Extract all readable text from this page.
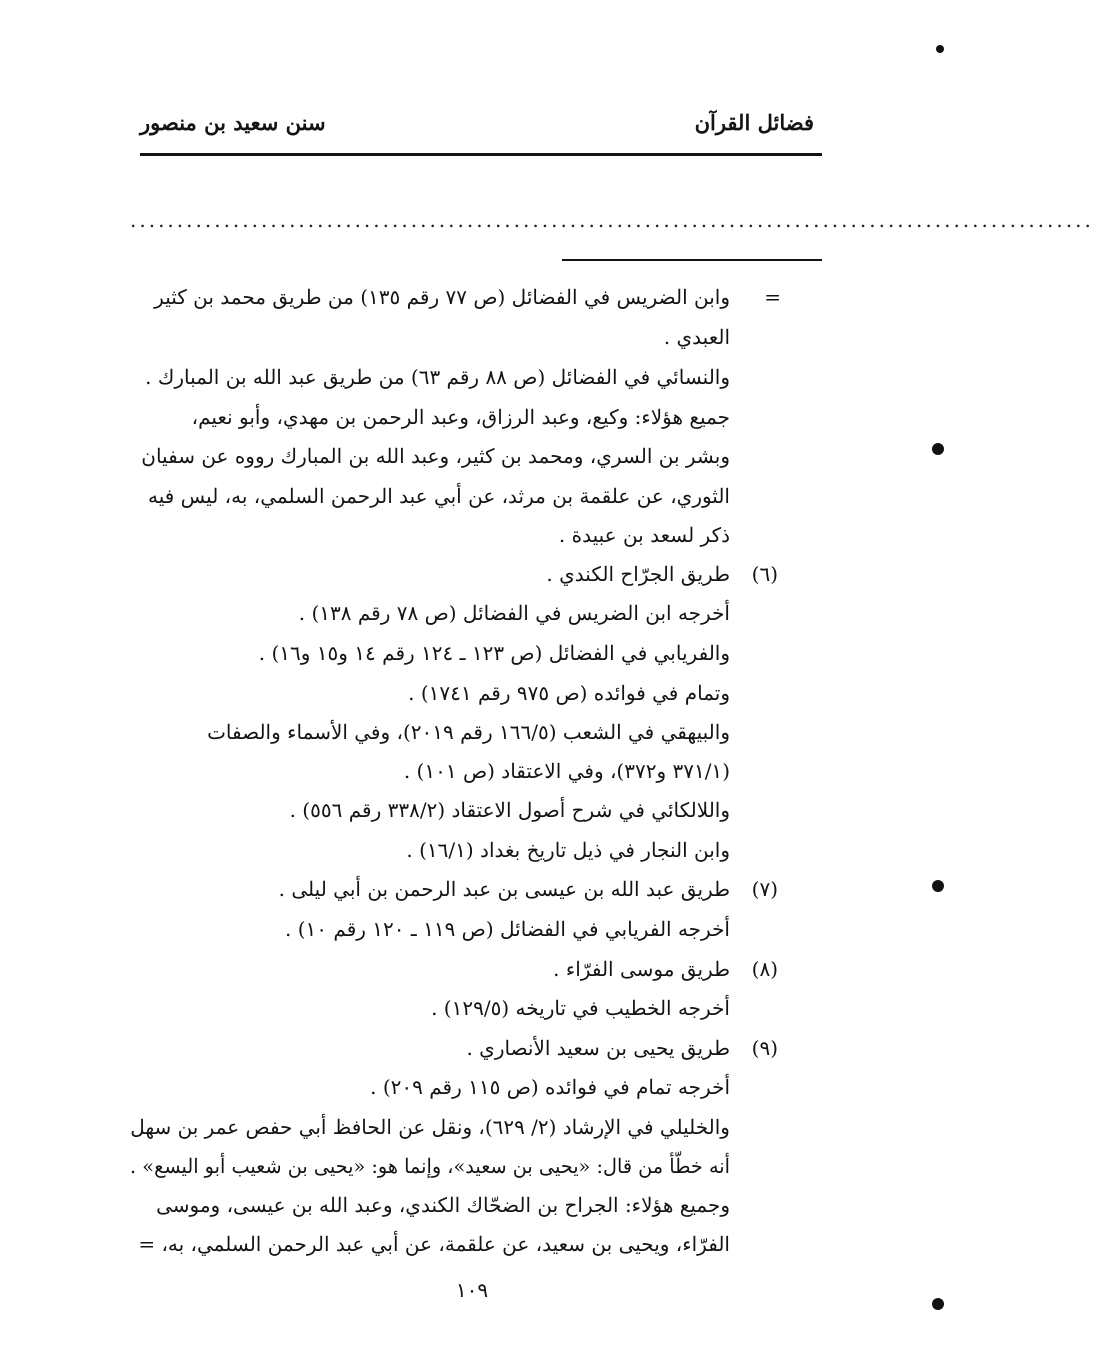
فضائل القرآن
سنن سعيد بن منصور
.......................................................................................................
=
(٦)
(٧)
(٨)
(٩)
وابن الضريس في الفضائل (ص ٧٧ رقم ١٣٥) من طريق محمد بن كثير
العبدي .
والنسائي في الفضائل (ص ٨٨ رقم ٦٣) من طريق عبد الله بن المبارك .
جميع هؤلاء: وكيع، وعبد الرزاق، وعبد الرحمن بن مهدي، وأبو نعيم،
وبشر بن السري، ومحمد بن كثير، وعبد الله بن المبارك رووه عن سفيان
الثوري، عن علقمة بن مرثد، عن أبي عبد الرحمن السلمي، به، ليس فيه
ذكر لسعد بن عبيدة .
طريق الجرّاح الكندي .
أخرجه ابن الضريس في الفضائل (ص ٧٨ رقم ١٣٨) .
والفريابي في الفضائل (ص ١٢٣ ـ ١٢٤ رقم ١٤ و١٥ و١٦) .
وتمام في فوائده (ص ٩٧٥ رقم ١٧٤١) .
والبيهقي في الشعب (١٦٦/٥ رقم ٢٠١٩)، وفي الأسماء والصفات
(٣٧١/١ و٣٧٢)، وفي الاعتقاد (ص ١٠١) .
واللالكائي في شرح أصول الاعتقاد (٣٣٨/٢ رقم ٥٥٦) .
وابن النجار في ذيل تاريخ بغداد (١٦/١) .
طريق عبد الله بن عيسى بن عبد الرحمن بن أبي ليلى .
أخرجه الفريابي في الفضائل (ص ١١٩ ـ ١٢٠ رقم ١٠) .
طريق موسى الفرّاء .
أخرجه الخطيب في تاريخه (١٢٩/٥) .
طريق يحيى بن سعيد الأنصاري .
أخرجه تمام في فوائده (ص ١١٥ رقم ٢٠٩) .
والخليلي في الإرشاد (٢/ ٦٢٩)، ونقل عن الحافظ أبي حفص عمر بن سهل
أنه خطّأ من قال: «يحيى بن سعيد»، وإنما هو: «يحيى بن شعيب أبو اليسع» .
وجميع هؤلاء: الجراح بن الضحّاك الكندي، وعبد الله بن عيسى، وموسى
الفرّاء، ويحيى بن سعيد، عن علقمة، عن أبي عبد الرحمن السلمي، به، =
١٠٩
